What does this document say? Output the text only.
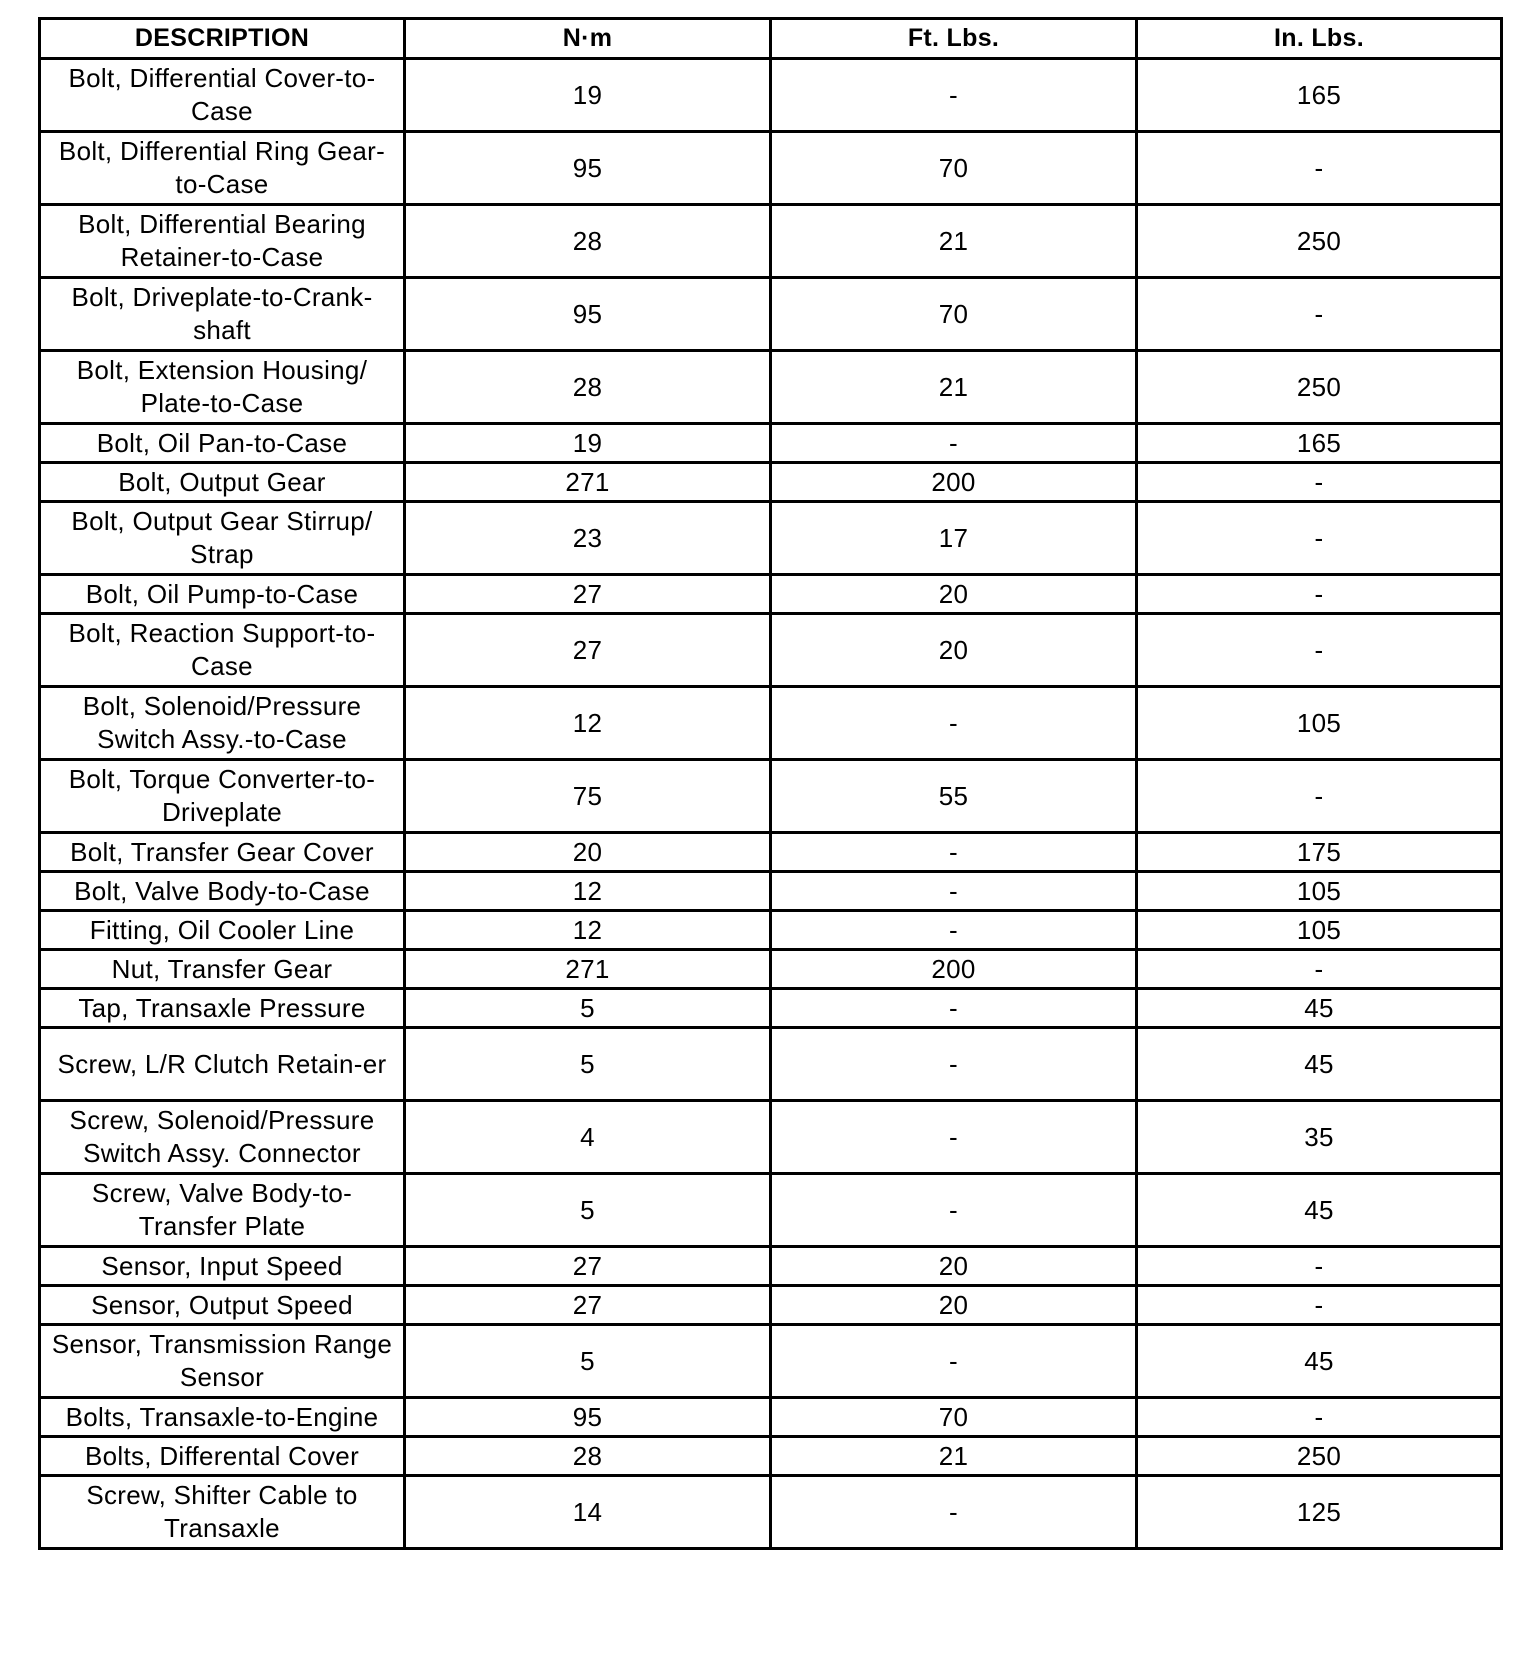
DESCRIPTION	N·m	Ft. Lbs.	In. Lbs.
Bolt, Differential Cover-to-Case	19	-	165
Bolt, Differential Ring Gear-to-Case	95	70	-
Bolt, Differential Bearing Retainer-to-Case	28	21	250
Bolt, Driveplate-to-Crank-shaft	95	70	-
Bolt, Extension Housing/ Plate-to-Case	28	21	250
Bolt, Oil Pan-to-Case	19	-	165
Bolt, Output Gear	271	200	-
Bolt, Output Gear Stirrup/ Strap	23	17	-
Bolt, Oil Pump-to-Case	27	20	-
Bolt, Reaction Support-to-Case	27	20	-
Bolt, Solenoid/Pressure Switch Assy.-to-Case	12	-	105
Bolt, Torque Converter-to-Driveplate	75	55	-
Bolt, Transfer Gear Cover	20	-	175
Bolt, Valve Body-to-Case	12	-	105
Fitting, Oil Cooler Line	12	-	105
Nut, Transfer Gear	271	200	-
Tap, Transaxle Pressure	5	-	45
Screw, L/R Clutch Retain-er	5	-	45
Screw, Solenoid/Pressure Switch Assy. Connector	4	-	35
Screw, Valve Body-to-Transfer Plate	5	-	45
Sensor, Input Speed	27	20	-
Sensor, Output Speed	27	20	-
Sensor, Transmission Range Sensor	5	-	45
Bolts, Transaxle-to-Engine	95	70	-
Bolts, Differental Cover	28	21	250
Screw, Shifter Cable to Transaxle	14	-	125
